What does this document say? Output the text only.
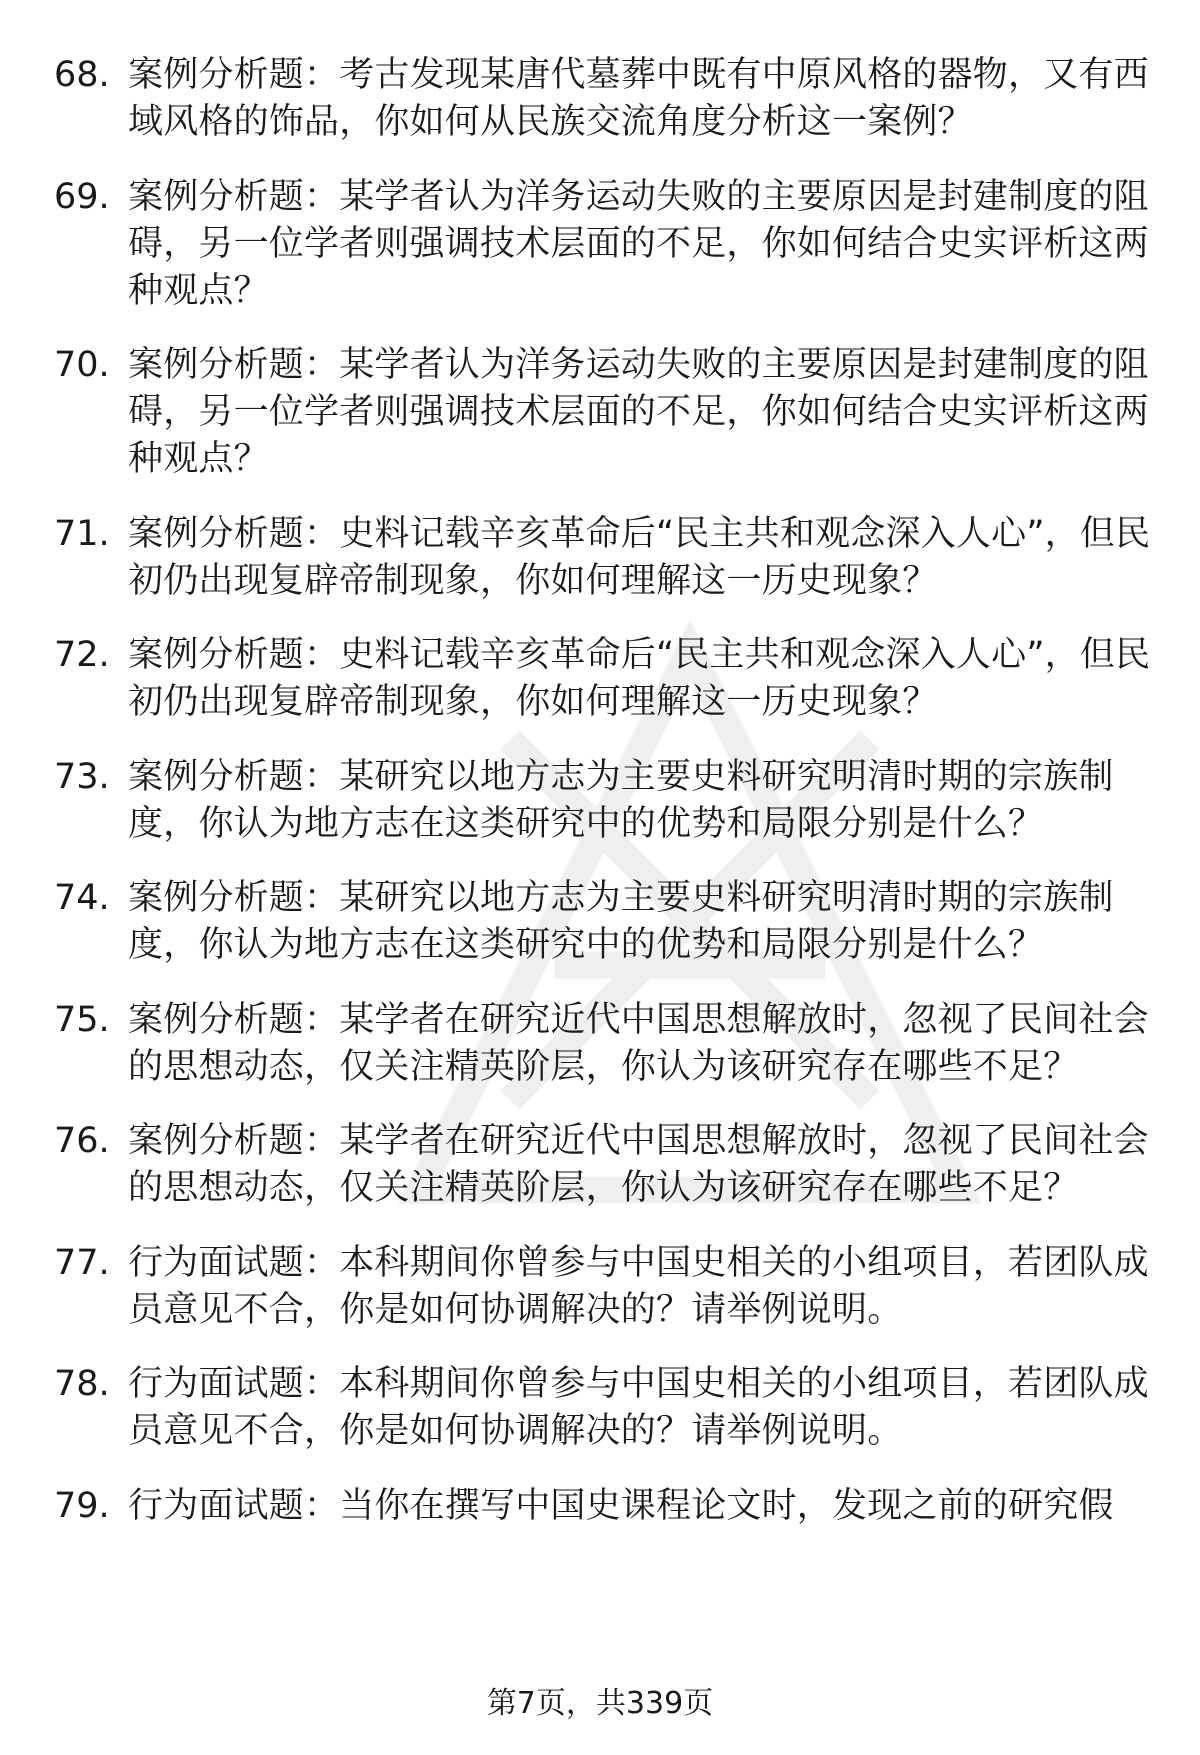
68. 案例分析题：考古发现某唐代墓葬中既有中原风格的器物，又有西域风格的饰品，你如何从民族交流角度分析这一案例？
69. 案例分析题：某学者认为洋务运动失败的主要原因是封建制度的阻碍，另一位学者则强调技术层面的不足，你如何结合史实评析这两种观点？
70. 案例分析题：某学者认为洋务运动失败的主要原因是封建制度的阻碍，另一位学者则强调技术层面的不足，你如何结合史实评析这两种观点？
71. 案例分析题：史料记载辛亥革命后“民主共和观念深入人心”，但民初仍出现复辟帝制现象，你如何理解这一历史现象？
72. 案例分析题：史料记载辛亥革命后“民主共和观念深入人心”，但民初仍出现复辟帝制现象，你如何理解这一历史现象？
73. 案例分析题：某研究以地方志为主要史料研究明清时期的宗族制度，你认为地方志在这类研究中的优势和局限分别是什么？
74. 案例分析题：某研究以地方志为主要史料研究明清时期的宗族制度，你认为地方志在这类研究中的优势和局限分别是什么？
75. 案例分析题：某学者在研究近代中国思想解放时，忽视了民间社会的思想动态，仅关注精英阶层，你认为该研究存在哪些不足？
76. 案例分析题：某学者在研究近代中国思想解放时，忽视了民间社会的思想动态，仅关注精英阶层，你认为该研究存在哪些不足？
77. 行为面试题：本科期间你曾参与中国史相关的小组项目，若团队成员意见不合，你是如何协调解决的？请举例说明。
78. 行为面试题：本科期间你曾参与中国史相关的小组项目，若团队成员意见不合，你是如何协调解决的？请举例说明。
79. 行为面试题：当你在撰写中国史课程论文时，发现之前的研究假
第7页，共339页
